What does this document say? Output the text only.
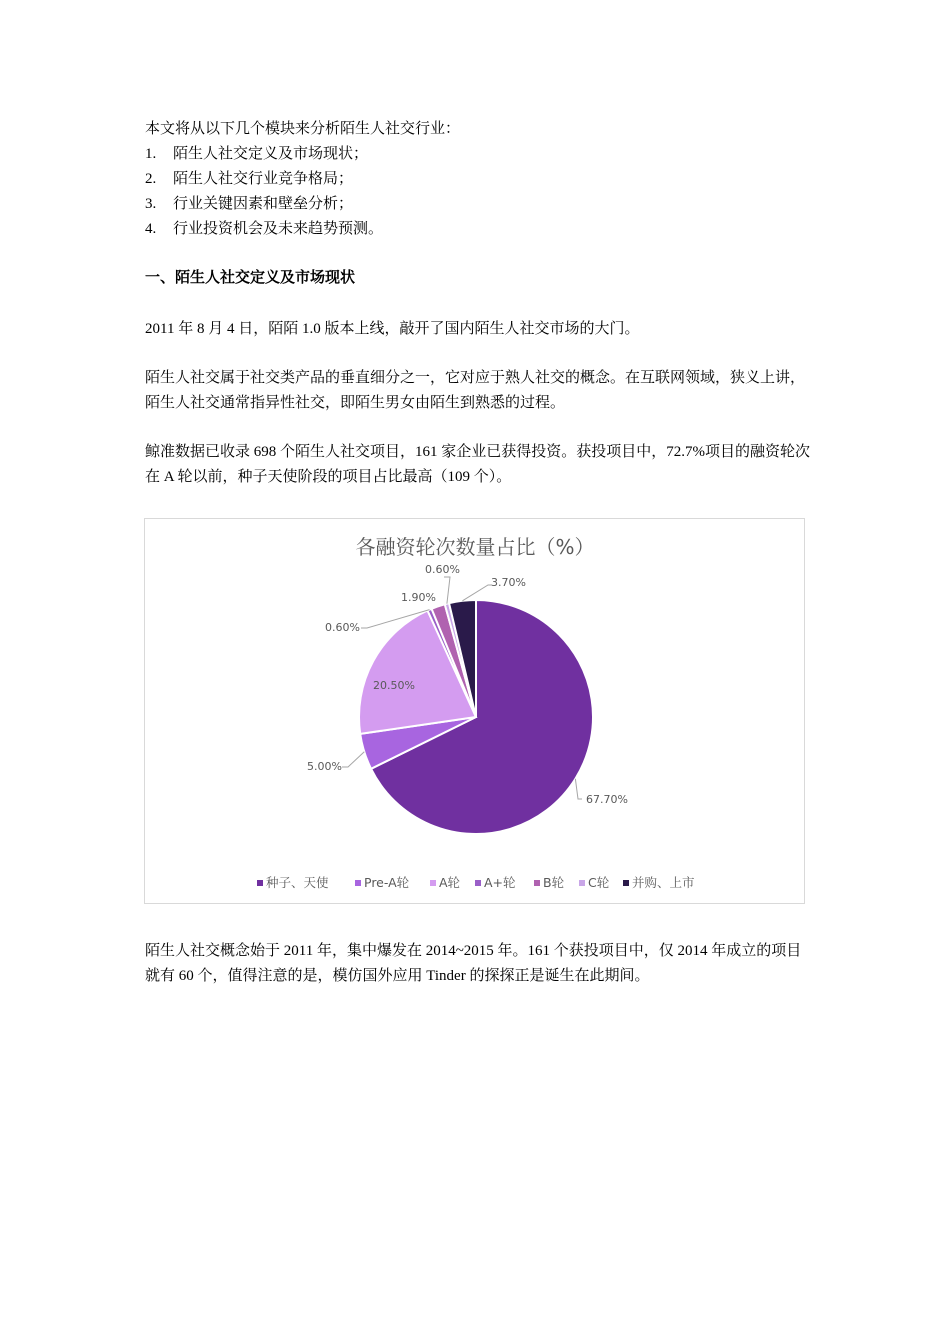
本文将从以下几个模块来分析陌生人社交行业：

1.	陌生人社交定义及市场现状；
2.	陌生人社交行业竞争格局；
3.	行业关键因素和壁垒分析；
4.	行业投资机会及未来趋势预测。
一、陌生人社交定义及市场现状

2011 年 8 月 4 日，陌陌 1.0 版本上线，敲开了国内陌生人社交市场的大门。

陌生人社交属于社交类产品的垂直细分之一，它对应于熟人社交的概念。在互联网领域，狭义上讲，陌生人社交通常指异性社交，即陌生男女由陌生到熟悉的过程。

鲸准数据已收录 698 个陌生人社交项目，161 家企业已获得投资。获投项目中，72.7%项目的融资轮次在 A 轮以前，种子天使阶段的项目占比最高（109 个）。

各融资轮次数量占比（%）
67.70%
5.00%
20.50%
0.60%
1.90%
0.60%
3.70%
种子、天使	Pre-A轮 A轮 A+轮 B轮 C轮 并购、上市

陌生人社交概念始于 2011 年，集中爆发在 2014~2015 年。161 个获投项目中，仅 2014 年成立的项目就有 60 个，值得注意的是，模仿国外应用 Tinder 的探探正是诞生在此期间。
